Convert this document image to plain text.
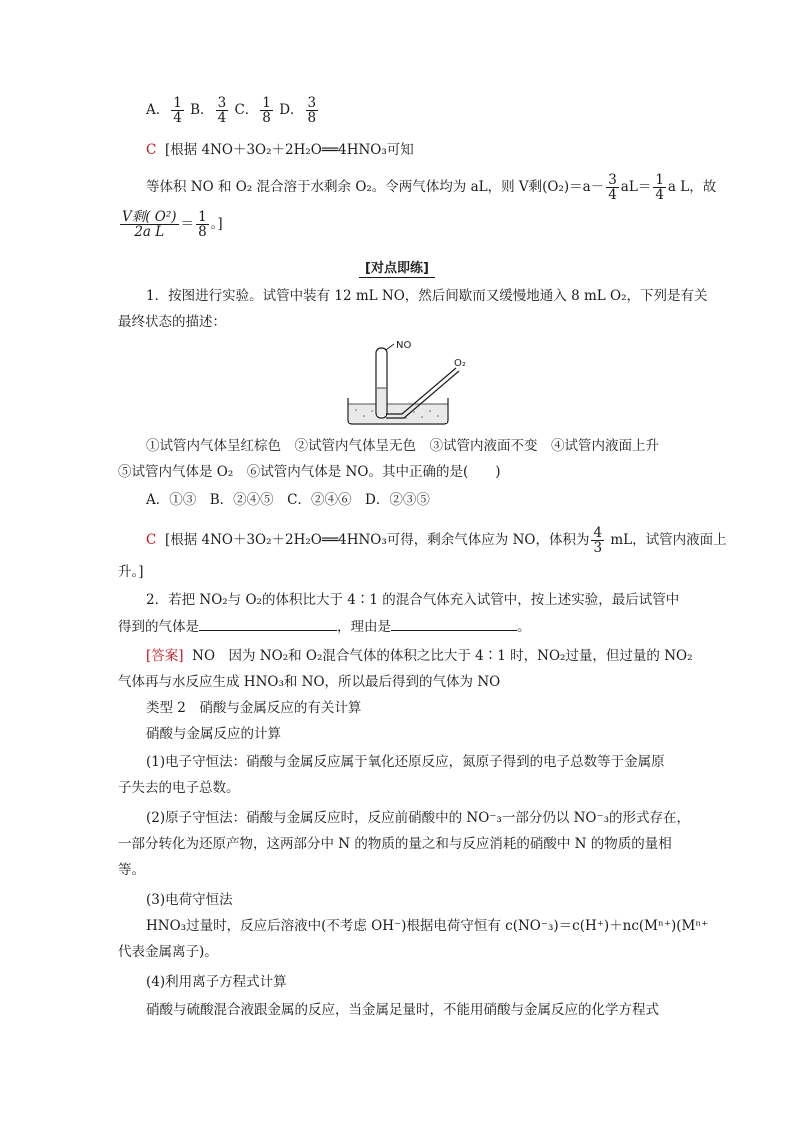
A． $\frac{1}{4}$ B． $\frac{3}{4}$ C． $\frac{1}{8}$ D． $\frac{3}{8}$
C [根据 4NO＋3O₂＋2H₂O══4HNO₃可知
等体积 NO 和 O₂ 混合溶于水剩余 O₂。令两气体均为 aL，则 V剩$(O_2)=a- \frac{3}{4} aL= \frac{1}{4}$ a L，故
$\frac{\text{V剩( O²)}}{\text{2a L}} = \frac{1}{8}$ 。]
[对点即练]
1．按图进行实验。试管中装有 12 mL NO，然后间歇而又缓慢地通入 8 mL O₂，下列是有关
最终状态的描述：
NO
O₂
①试管内气体呈红棕色　②试管内气体呈无色　③试管内液面不变　④试管内液面上升
⑤试管内气体是 O₂　⑥试管内气体是 NO。其中正确的是(　　)
A．①③　B．②④⑤　C．②④⑥　D．②③⑤
C [根据 4NO＋3O₂＋2H₂O══4HNO₃可得，剩余气体应为 NO，体积为 $\frac{4}{3}$ mL，试管内液面上
升。]
2．若把 NO₂与 O₂的体积比大于 4∶1 的混合气体充入试管中，按上述实验，最后试管中
得到的气体是	，理由是	。
[答案] NO　因为 NO₂和 O₂混合气体的体积之比大于 4∶1 时，NO₂过量，但过量的 NO₂
气体再与水反应生成 HNO₃和 NO，所以最后得到的气体为 NO
类型 2　硝酸与金属反应的有关计算
硝酸与金属反应的计算
(1)电子守恒法：硝酸与金属反应属于氧化还原反应，氮原子得到的电子总数等于金属原
子失去的电子总数。
(2)原子守恒法：硝酸与金属反应时，反应前硝酸中的 NO⁻₃一部分仍以 NO⁻₃的形式存在，
一部分转化为还原产物，这两部分中 N 的物质的量之和与反应消耗的硝酸中 N 的物质的量相
等。
(3)电荷守恒法
HNO₃过量时，反应后溶液中(不考虑 OH⁻)根据电荷守恒有 c(NO⁻₃)＝c(H⁺)＋nc(Mⁿ⁺)(Mⁿ⁺
代表金属离子)。
(4)利用离子方程式计算
硝酸与硫酸混合液跟金属的反应，当金属足量时，不能用硝酸与金属反应的化学方程式
